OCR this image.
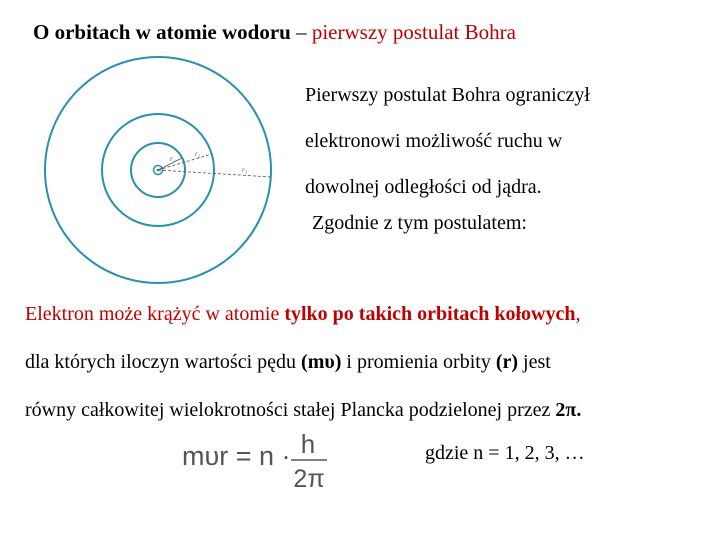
O orbitach w atomie wodoru – pierwszy postulat Bohra
r₁
r₂
r₃

Pierwszy postulat Bohra ograniczył

elektronowi możliwość ruchu w

dowolnej odległości od jądra.

Zgodnie z tym postulatem:
Elektron może krążyć w atomie tylko po takich orbitach kołowych,
dla których iloczyn wartości pędu (mυ) i promienia orbity (r) jest
równy całkowitej wielokrotności stałej Plancka podzielonej przez 2π.
mυr = n · h
2π
gdzie n = 1, 2, 3, …
